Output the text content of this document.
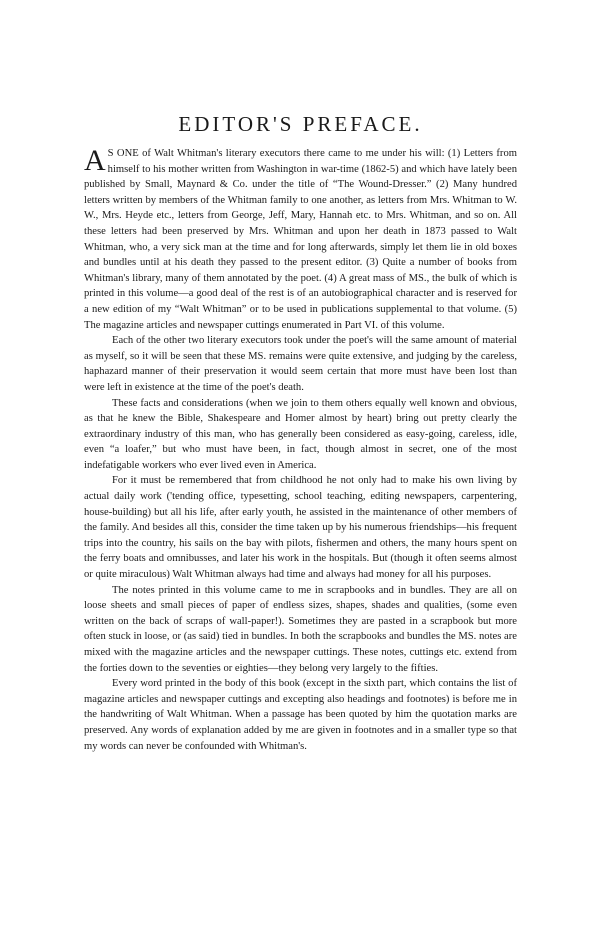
EDITOR'S PREFACE.

A S ONE of Walt Whitman's literary executors there came to me under his will: (1) Letters from himself to his mother written from Washington in war-time (1862-5) and which have lately been published by Small, Maynard & Co. under the title of “The Wound-Dresser.” (2) Many hundred letters written by members of the Whitman family to one another, as letters from Mrs. Whitman to W. W., Mrs. Heyde etc., letters from George, Jeff, Mary, Hannah etc. to Mrs. Whitman, and so on. All these letters had been preserved by Mrs. Whitman and upon her death in 1873 passed to Walt Whitman, who, a very sick man at the time and for long afterwards, simply let them lie in old boxes and bundles until at his death they passed to the present editor. (3) Quite a number of books from Whitman's library, many of them annotated by the poet. (4) A great mass of MS., the bulk of which is printed in this volume—a good deal of the rest is of an autobiographical character and is reserved for a new edition of my “Walt Whitman” or to be used in publications supplemental to that volume. (5) The magazine articles and newspaper cuttings enumerated in Part VI. of this volume.

Each of the other two literary executors took under the poet's will the same amount of material as myself, so it will be seen that these MS. remains were quite extensive, and judging by the careless, haphazard manner of their preservation it would seem certain that more must have been lost than were left in existence at the time of the poet's death.

These facts and considerations (when we join to them others equally well known and obvious, as that he knew the Bible, Shakespeare and Homer almost by heart) bring out pretty clearly the extraordinary industry of this man, who has generally been considered as easy-going, careless, idle, even “a loafer,” but who must have been, in fact, though almost in secret, one of the most indefatigable workers who ever lived even in America.

For it must be remembered that from childhood he not only had to make his own living by actual daily work ('tending office, typesetting, school teaching, editing newspapers, carpentering, house-building) but all his life, after early youth, he assisted in the maintenance of other members of the family. And besides all this, consider the time taken up by his numerous friendships—his frequent trips into the country, his sails on the bay with pilots, fishermen and others, the many hours spent on the ferry boats and omnibusses, and later his work in the hospitals. But (though it often seems almost or quite miraculous) Walt Whitman always had time and always had money for all his purposes.

The notes printed in this volume came to me in scrapbooks and in bundles. They are all on loose sheets and small pieces of paper of endless sizes, shapes, shades and qualities, (some even written on the back of scraps of wall-paper!). Sometimes they are pasted in a scrapbook but more often stuck in loose, or (as said) tied in bundles. In both the scrapbooks and bundles the MS. notes are mixed with the magazine articles and the newspaper cuttings. These notes, cuttings etc. extend from the forties down to the seventies or eighties—they belong very largely to the fifties.

Every word printed in the body of this book (except in the sixth part, which contains the list of magazine articles and newspaper cuttings and excepting also headings and footnotes) is before me in the handwriting of Walt Whitman. When a passage has been quoted by him the quotation marks are preserved. Any words of explanation added by me are given in footnotes and in a smaller type so that my words can never be confounded with Whitman's.
